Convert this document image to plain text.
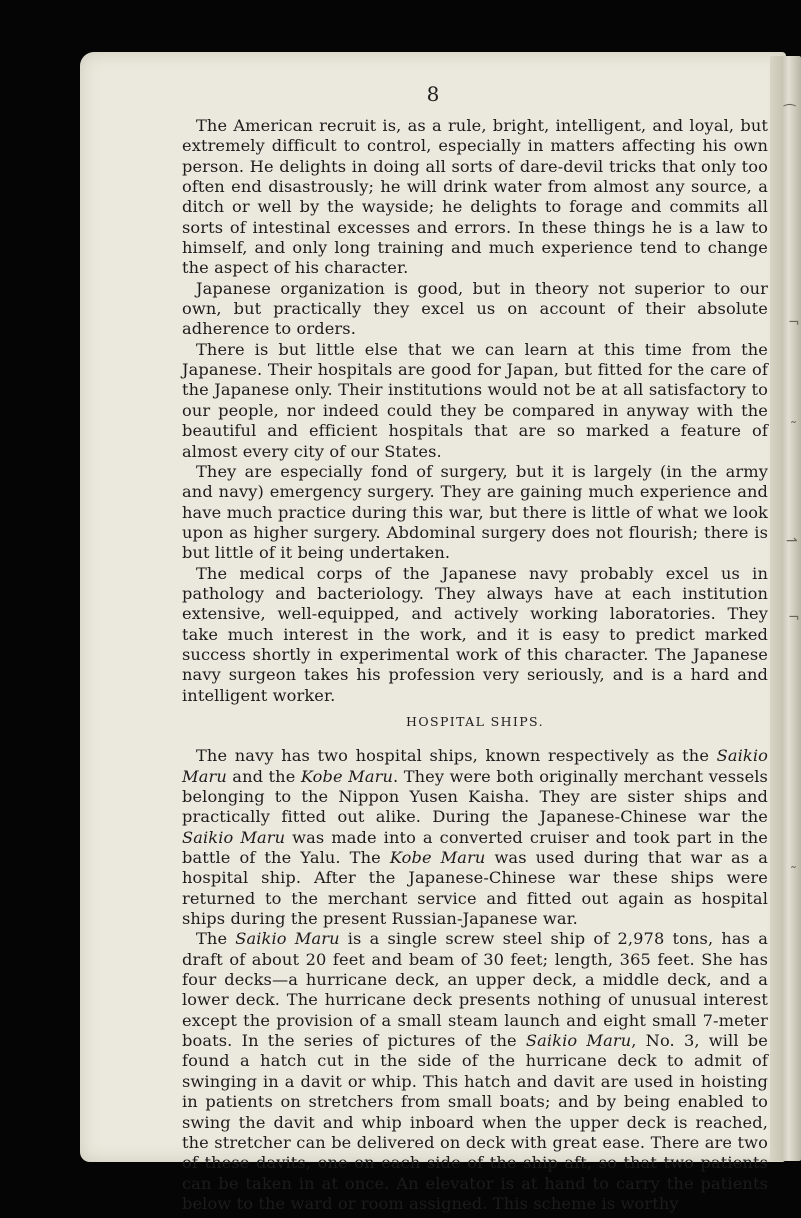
8

The American recruit is, as a rule, bright, intelligent, and loyal, but extremely difficult to control, especially in matters affecting his own person. He delights in doing all sorts of dare-devil tricks that only too often end disastrously; he will drink water from almost any source, a ditch or well by the wayside; he delights to forage and commits all sorts of intestinal excesses and errors. In these things he is a law to himself, and only long training and much experience tend to change the aspect of his character.

Japanese organization is good, but in theory not superior to our own, but practically they excel us on account of their absolute adherence to orders.

There is but little else that we can learn at this time from the Japanese. Their hospitals are good for Japan, but fitted for the care of the Japanese only. Their institutions would not be at all satisfactory to our people, nor indeed could they be compared in anyway with the beautiful and efficient hospitals that are so marked a feature of almost every city of our States.

They are especially fond of surgery, but it is largely (in the army and navy) emergency surgery. They are gaining much experience and have much practice during this war, but there is little of what we look upon as higher surgery. Abdominal surgery does not flourish; there is but little of it being undertaken.

The medical corps of the Japanese navy probably excel us in pathology and bacteriology. They always have at each institution extensive, well-equipped, and actively working laboratories. They take much interest in the work, and it is easy to predict marked success shortly in experimental work of this character. The Japanese navy surgeon takes his profession very seriously, and is a hard and intelligent worker.

HOSPITAL SHIPS.

The navy has two hospital ships, known respectively as the Saikio Maru and the Kobe Maru. They were both originally merchant vessels belonging to the Nippon Yusen Kaisha. They are sister ships and practically fitted out alike. During the Japanese-Chinese war the Saikio Maru was made into a converted cruiser and took part in the battle of the Yalu. The Kobe Maru was used during that war as a hospital ship. After the Japanese-Chinese war these ships were returned to the merchant service and fitted out again as hospital ships during the present Russian-Japanese war.

The Saikio Maru is a single screw steel ship of 2,978 tons, has a draft of about 20 feet and beam of 30 feet; length, 365 feet. She has four decks—a hurricane deck, an upper deck, a middle deck, and a lower deck. The hurricane deck presents nothing of unusual interest except the provision of a small steam launch and eight small 7-meter boats. In the series of pictures of the Saikio Maru, No. 3, will be found a hatch cut in the side of the hurricane deck to admit of swinging in a davit or whip. This hatch and davit are used in hoisting in patients on stretchers from small boats; and by being enabled to swing the davit and whip inboard when the upper deck is reached, the stretcher can be delivered on deck with great ease. There are two of these davits, one on each side of the ship aft, so that two patients can be taken in at once. An elevator is at hand to carry the patients below to the ward or room assigned. This scheme is worthy

⁀
¬
˜
⇀
˜
¬
